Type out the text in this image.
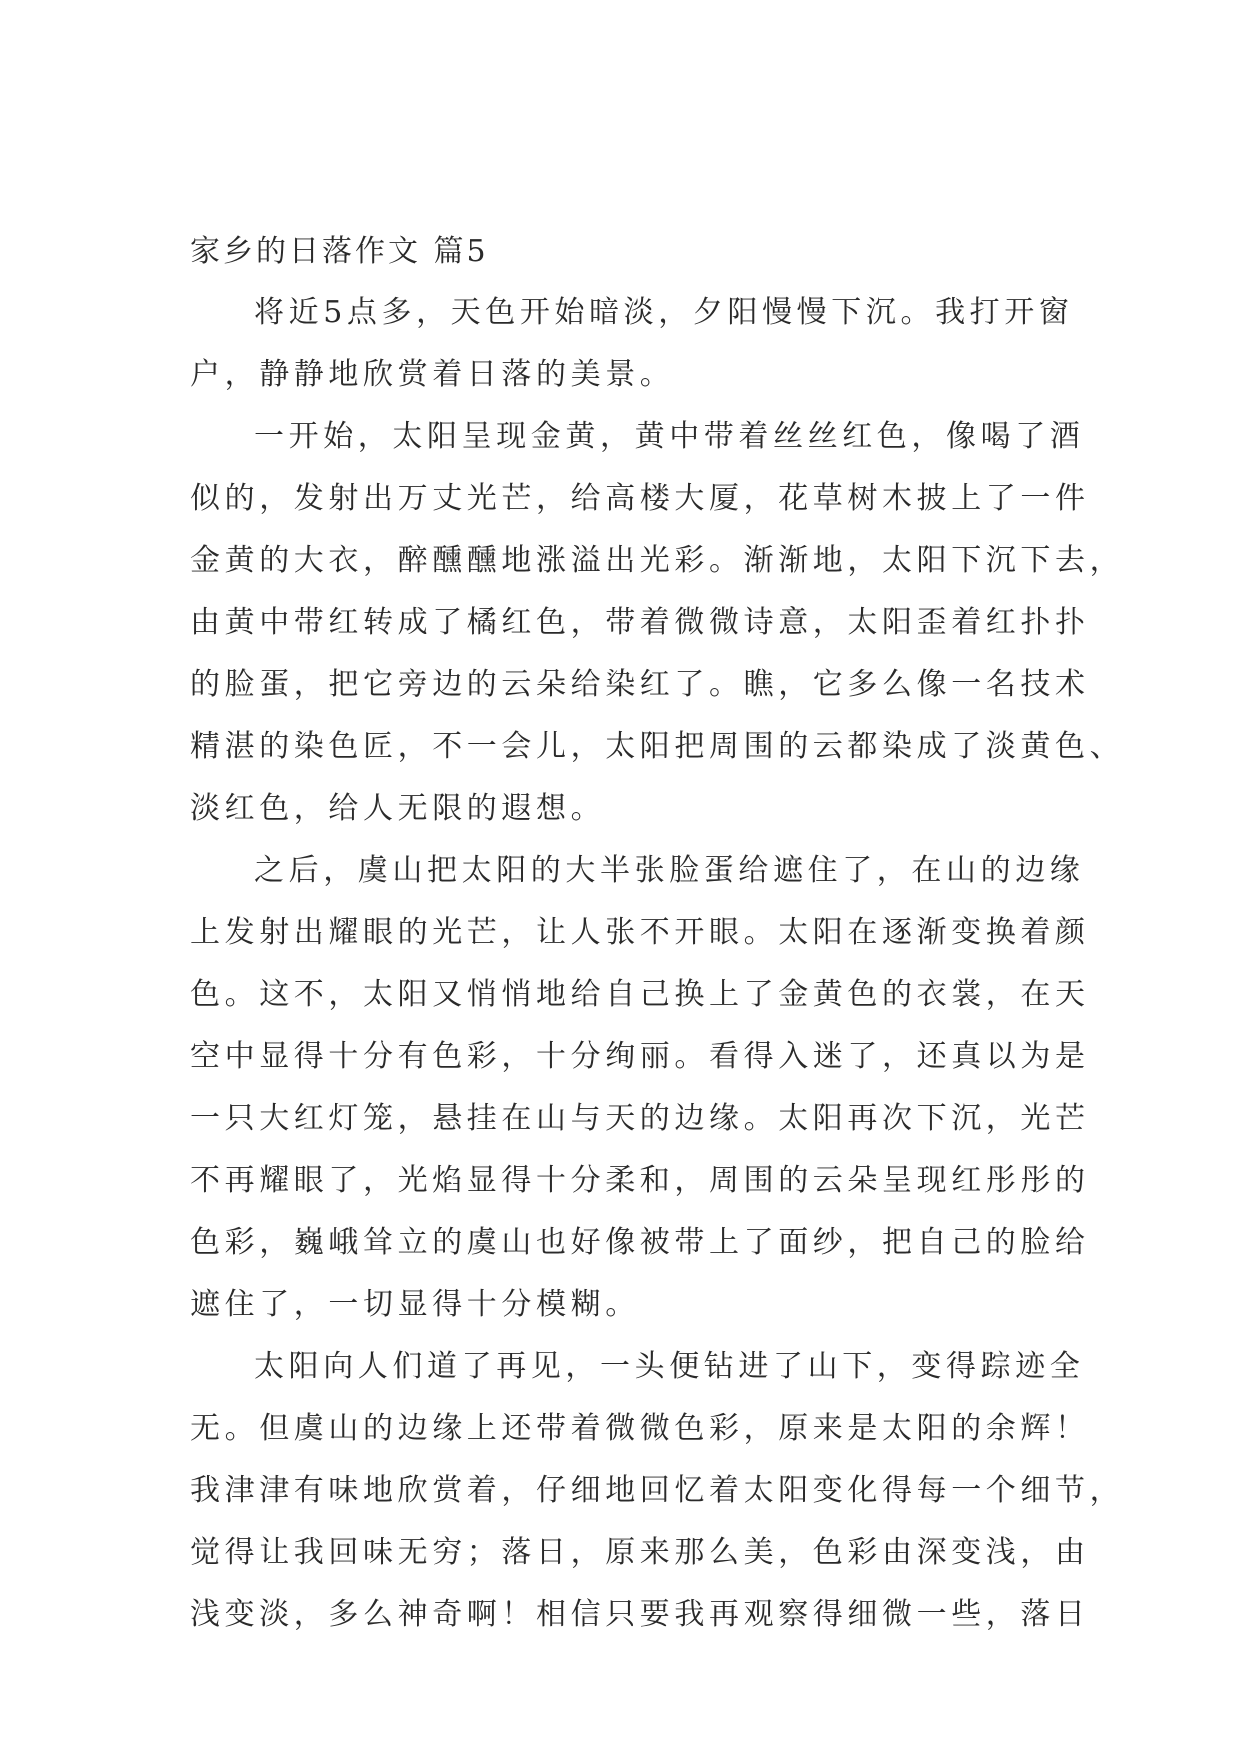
家乡的日落作文 篇5
将近5点多，天色开始暗淡，夕阳慢慢下沉。我打开窗
户，静静地欣赏着日落的美景。
一开始，太阳呈现金黄，黄中带着丝丝红色，像喝了酒
似的，发射出万丈光芒，给高楼大厦，花草树木披上了一件
金黄的大衣，醉醺醺地涨溢出光彩。渐渐地，太阳下沉下去，
由黄中带红转成了橘红色，带着微微诗意，太阳歪着红扑扑
的脸蛋，把它旁边的云朵给染红了。瞧，它多么像一名技术
精湛的染色匠，不一会儿，太阳把周围的云都染成了淡黄色、
淡红色，给人无限的遐想。
之后，虞山把太阳的大半张脸蛋给遮住了，在山的边缘
上发射出耀眼的光芒，让人张不开眼。太阳在逐渐变换着颜
色。这不，太阳又悄悄地给自己换上了金黄色的衣裳，在天
空中显得十分有色彩，十分绚丽。看得入迷了，还真以为是
一只大红灯笼，悬挂在山与天的边缘。太阳再次下沉，光芒
不再耀眼了，光焰显得十分柔和，周围的云朵呈现红彤彤的
色彩，巍峨耸立的虞山也好像被带上了面纱，把自己的脸给
遮住了，一切显得十分模糊。
太阳向人们道了再见，一头便钻进了山下，变得踪迹全
无。但虞山的边缘上还带着微微色彩，原来是太阳的余辉！
我津津有味地欣赏着，仔细地回忆着太阳变化得每一个细节，
觉得让我回味无穷；落日，原来那么美，色彩由深变浅，由
浅变淡，多么神奇啊！相信只要我再观察得细微一些，落日
